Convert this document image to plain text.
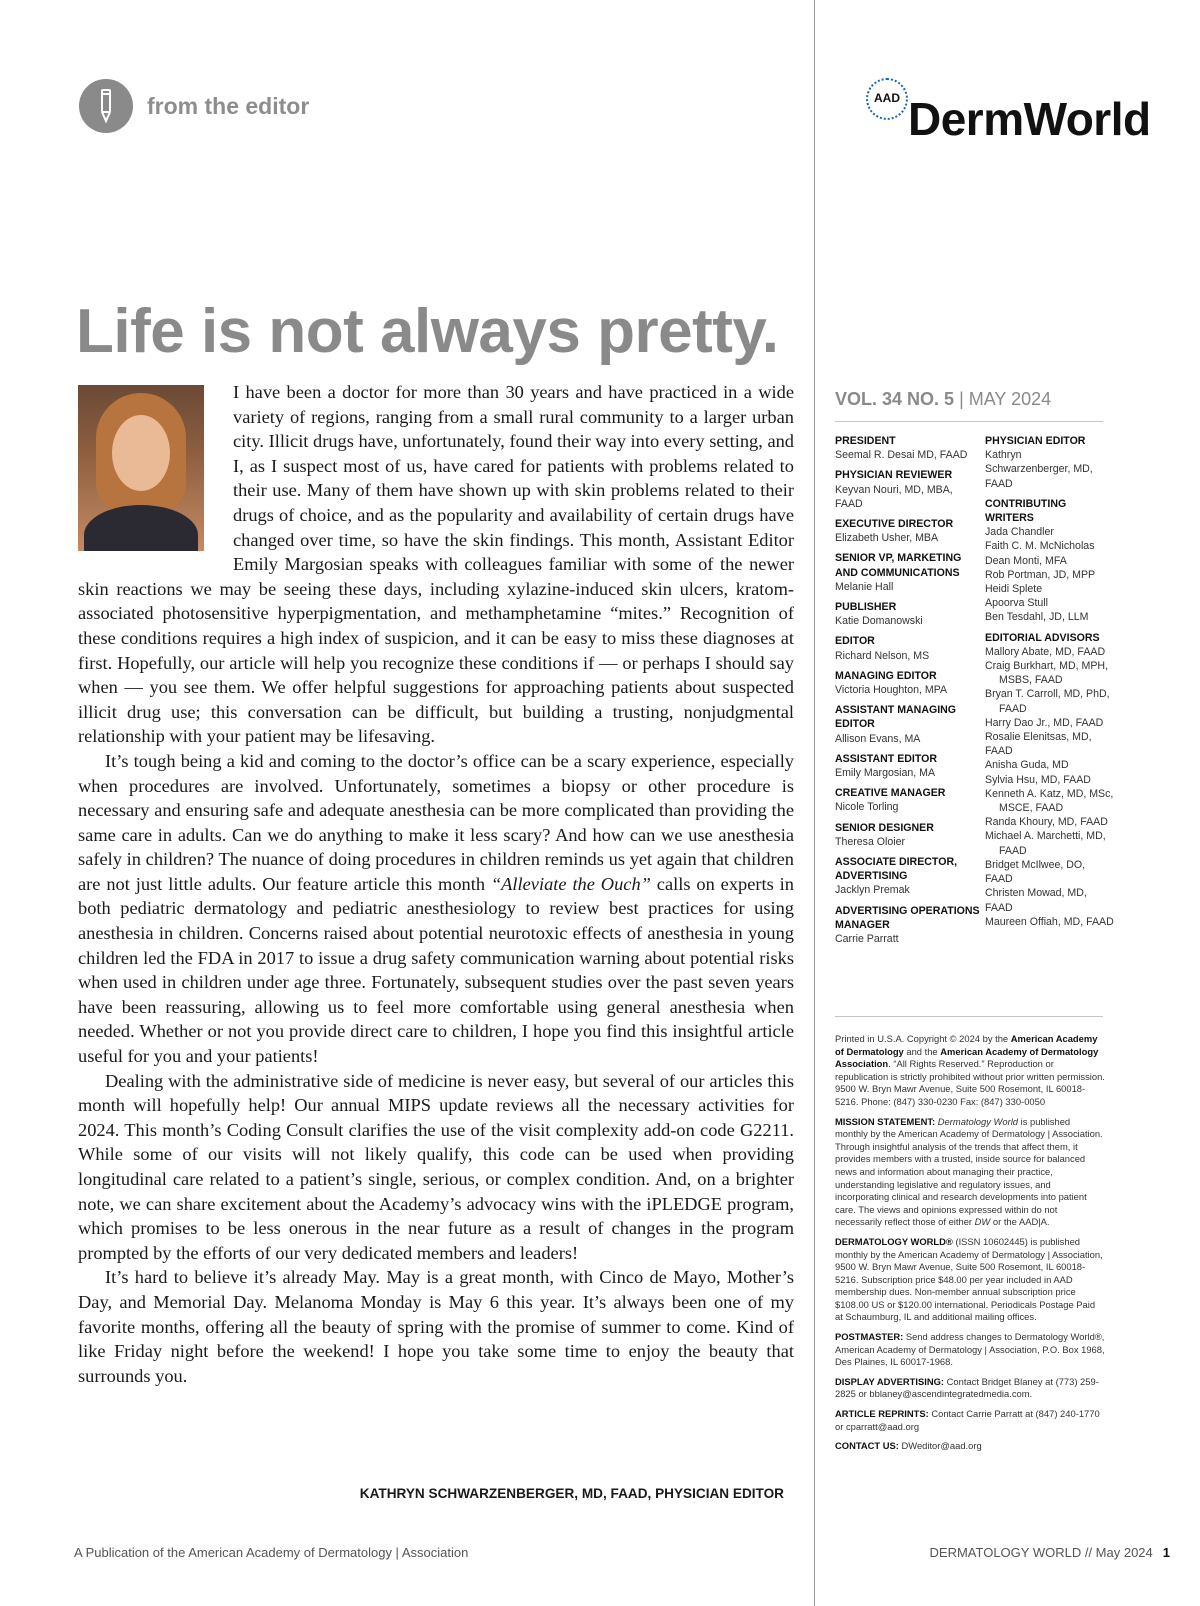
from the editor	AAD DermWorld
Life is not always pretty.

I have been a doctor for more than 30 years and have practiced in a wide variety of regions, ranging from a small rural community to a larger urban city. Illicit drugs have, unfortunately, found their way into every setting, and I, as I suspect most of us, have cared for patients with problems related to their use. Many of them have shown up with skin problems related to their drugs of choice, and as the popularity and availability of certain drugs have changed over time, so have the skin findings. This month, Assistant Editor Emily Margosian speaks with colleagues familiar with some of the newer skin reactions we may be seeing these days, including xylazine-induced skin ulcers, kratom-associated photosensitive hyperpigmentation, and methamphetamine “mites.” Recognition of these conditions requires a high index of suspicion, and it can be easy to miss these diagnoses at first. Hopefully, our article will help you recognize these conditions if — or perhaps I should say when — you see them. We offer helpful suggestions for approaching patients about suspected illicit drug use; this conversation can be difficult, but building a trusting, nonjudgmental relationship with your patient may be lifesaving.

It’s tough being a kid and coming to the doctor’s office can be a scary experience, especially when procedures are involved. Unfortunately, sometimes a biopsy or other procedure is necessary and ensuring safe and adequate anesthesia can be more complicated than providing the same care in adults. Can we do anything to make it less scary? And how can we use anesthesia safely in children? The nuance of doing procedures in children reminds us yet again that children are not just little adults. Our feature article this month “Alleviate the Ouch” calls on experts in both pediatric dermatology and pediatric anesthesiology to review best practices for using anesthesia in children. Concerns raised about potential neurotoxic effects of anesthesia in young children led the FDA in 2017 to issue a drug safety communication warning about potential risks when used in children under age three. Fortunately, subsequent studies over the past seven years have been reassuring, allowing us to feel more comfortable using general anesthesia when needed. Whether or not you provide direct care to children, I hope you find this insightful article useful for you and your patients!

Dealing with the administrative side of medicine is never easy, but several of our articles this month will hopefully help! Our annual MIPS update reviews all the necessary activities for 2024. This month’s Coding Consult clarifies the use of the visit complexity add-on code G2211. While some of our visits will not likely qualify, this code can be used when providing longitudinal care related to a patient’s single, serious, or complex condition. And, on a brighter note, we can share excitement about the Academy’s advocacy wins with the iPLEDGE program, which promises to be less onerous in the near future as a result of changes in the program prompted by the efforts of our very dedicated members and leaders!

It’s hard to believe it’s already May. May is a great month, with Cinco de Mayo, Mother’s Day, and Memorial Day. Melanoma Monday is May 6 this year. It’s always been one of my favorite months, offering all the beauty of spring with the promise of summer to come. Kind of like Friday night before the weekend! I hope you take some time to enjoy the beauty that surrounds you.

KATHRYN SCHWARZENBERGER, MD, FAAD, PHYSICIAN EDITOR
VOL. 34 NO. 5 | MAY 2024
PRESIDENT
Seemal R. Desai MD, FAAD
PHYSICIAN REVIEWER
Keyvan Nouri, MD, MBA,
FAAD
EXECUTIVE DIRECTOR
Elizabeth Usher, MBA
SENIOR VP, MARKETING AND COMMUNICATIONS
Melanie Hall
PUBLISHER
Katie Domanowski
EDITOR
Richard Nelson, MS
MANAGING EDITOR
Victoria Houghton, MPA
ASSISTANT MANAGING EDITOR
Allison Evans, MA
ASSISTANT EDITOR
Emily Margosian, MA
CREATIVE MANAGER
Nicole Torling
SENIOR DESIGNER
Theresa Oloier
ASSOCIATE DIRECTOR, ADVERTISING
Jacklyn Premak
ADVERTISING OPERATIONS MANAGER
Carrie Parratt
PHYSICIAN EDITOR
Kathryn
Schwarzenberger, MD, FAAD
CONTRIBUTING WRITERS
Jada Chandler
Faith C. M. McNicholas
Dean Monti, MFA
Rob Portman, JD, MPP
Heidi Splete
Apoorva Stull
Ben Tesdahl, JD, LLM
EDITORIAL ADVISORS
Mallory Abate, MD, FAAD
Craig Burkhart, MD, MPH,
MSBS, FAAD
Bryan T. Carroll, MD, PhD,
FAAD
Harry Dao Jr., MD, FAAD
Rosalie Elenitsas, MD, FAAD
Anisha Guda, MD
Sylvia Hsu, MD, FAAD
Kenneth A. Katz, MD, MSc,
MSCE, FAAD
Randa Khoury, MD, FAAD
Michael A. Marchetti, MD,
FAAD
Bridget McIlwee, DO, FAAD
Christen Mowad, MD, FAAD
Maureen Offiah, MD, FAAD
Printed in U.S.A. Copyright © 2024 by the American Academy of Dermatology and the American Academy of Dermatology Association. “All Rights Reserved.” Reproduction or republication is strictly prohibited without prior written permission. 9500 W. Bryn Mawr Avenue, Suite 500 Rosemont, IL 60018-5216. Phone: (847) 330-0230 Fax: (847) 330-0050
MISSION STATEMENT: Dermatology World is published monthly by the American Academy of Dermatology | Association. Through insightful analysis of the trends that affect them, it provides members with a trusted, inside source for balanced news and information about managing their practice, understanding legislative and regulatory issues, and incorporating clinical and research developments into patient care. The views and opinions expressed within do not necessarily reflect those of either DW or the AAD|A.
DERMATOLOGY WORLD® (ISSN 10602445) is published monthly by the American Academy of Dermatology | Association, 9500 W. Bryn Mawr Avenue, Suite 500 Rosemont, IL 60018-5216. Subscription price $48.00 per year included in AAD membership dues. Non-member annual subscription price $108.00 US or $120.00 international. Periodicals Postage Paid at Schaumburg, IL and additional mailing offices.
POSTMASTER: Send address changes to Dermatology World®, American Academy of Dermatology | Association, P.O. Box 1968, Des Plaines, IL 60017-1968.
DISPLAY ADVERTISING: Contact Bridget Blaney at (773) 259-2825 or bblaney@ascendintegratedmedia.com.
ARTICLE REPRINTS: Contact Carrie Parratt at (847) 240-1770 or cparratt@aad.org
CONTACT US: DWeditor@aad.org
A Publication of the American Academy of Dermatology | Association	DERMATOLOGY WORLD // May 2024 1
